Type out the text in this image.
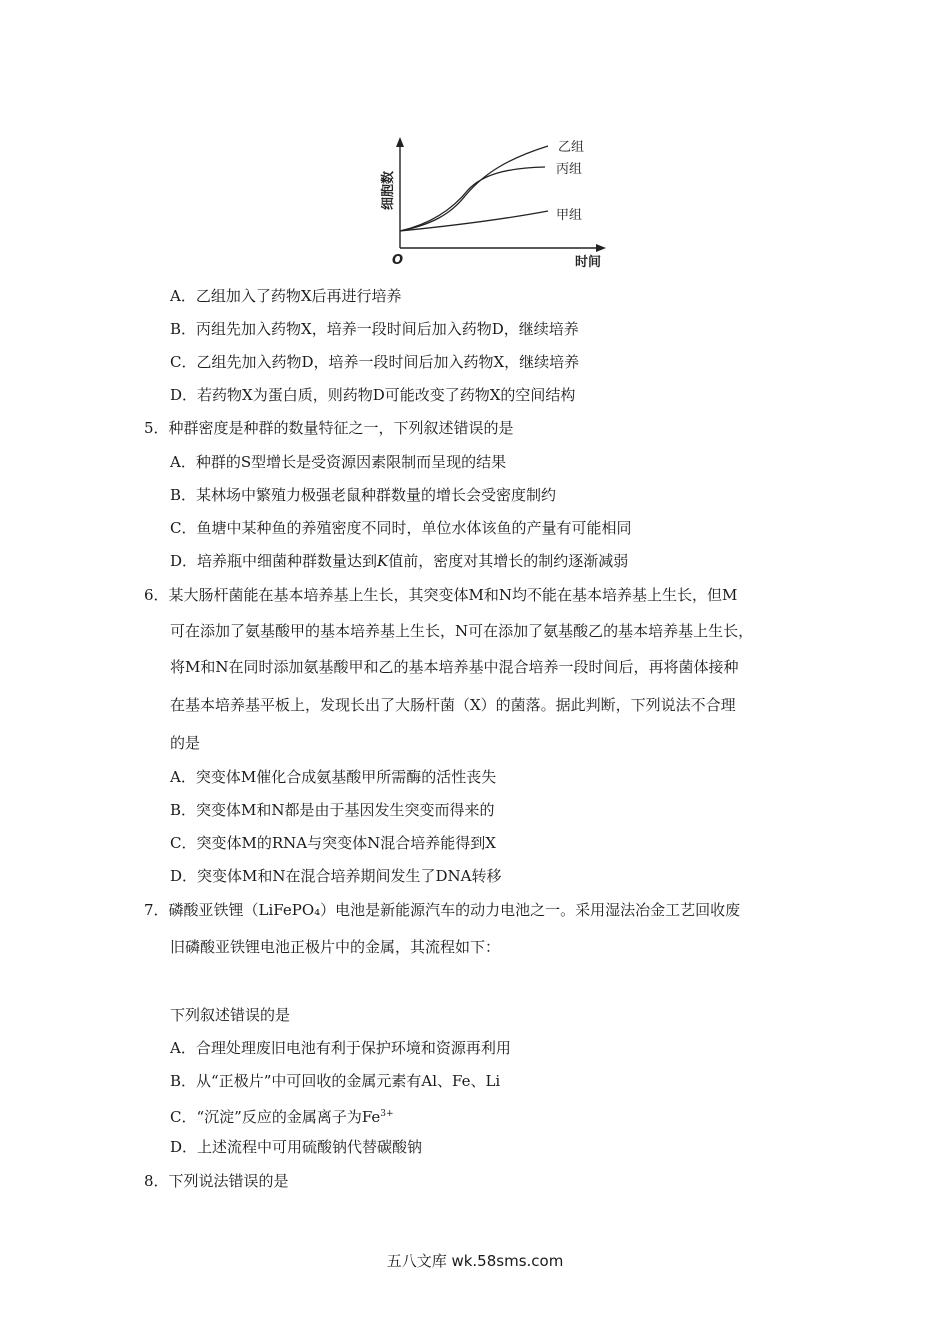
乙组
丙组
甲组
细胞数
时间
O
A．乙组加入了药物X后再进行培养
B．丙组先加入药物X，培养一段时间后加入药物D，继续培养
C．乙组先加入药物D，培养一段时间后加入药物X，继续培养
D．若药物X为蛋白质，则药物D可能改变了药物X的空间结构
5．种群密度是种群的数量特征之一，下列叙述错误的是
A．种群的S型增长是受资源因素限制而呈现的结果
B．某林场中繁殖力极强老鼠种群数量的增长会受密度制约
C．鱼塘中某种鱼的养殖密度不同时，单位水体该鱼的产量有可能相同
D．培养瓶中细菌种群数量达到K值前，密度对其增长的制约逐渐减弱
6．某大肠杆菌能在基本培养基上生长，其突变体M和N均不能在基本培养基上生长，但M
可在添加了氨基酸甲的基本培养基上生长，N可在添加了氨基酸乙的基本培养基上生长，
将M和N在同时添加氨基酸甲和乙的基本培养基中混合培养一段时间后，再将菌体接种
在基本培养基平板上，发现长出了大肠杆菌（X）的菌落。据此判断，下列说法不合理
的是
A．突变体M催化合成氨基酸甲所需酶的活性丧失
B．突变体M和N都是由于基因发生突变而得来的
C．突变体M的RNA与突变体N混合培养能得到X
D．突变体M和N在混合培养期间发生了DNA转移
7．磷酸亚铁锂（LiFePO₄）电池是新能源汽车的动力电池之一。采用湿法冶金工艺回收废
旧磷酸亚铁锂电池正极片中的金属，其流程如下：
下列叙述错误的是
A．合理处理废旧电池有利于保护环境和资源再利用
B．从“正极片”中可回收的金属元素有Al、Fe、Li
C．“沉淀”反应的金属离子为$Fe^{3+}$
D．上述流程中可用硫酸钠代替碳酸钠
8．下列说法错误的是
五八文库 wk.58sms.com
